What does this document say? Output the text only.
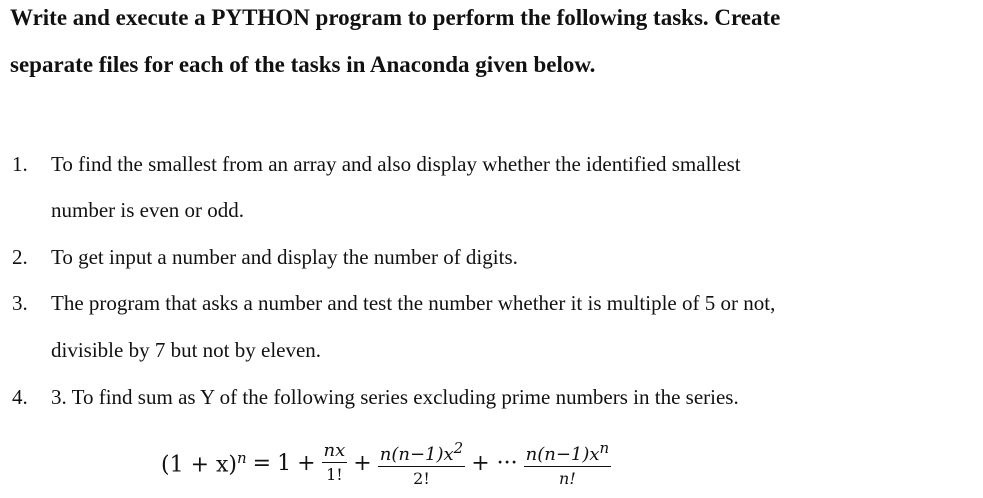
Write and execute a PYTHON program to perform the following tasks. Create
separate files for each of the tasks in Anaconda given below.
1. To find the smallest from an array and also display whether the identified smallest
number is even or odd.
2. To get input a number and display the number of digits.
3. The program that asks a number and test the number whether it is multiple of 5 or not,
divisible by 7 but not by eleven.
4. 3. To find sum as Y of the following series excluding prime numbers in the series.
$(1 + x)^n = 1 + \frac{nx}{1!} + \frac{n(n-1)x^2}{2!}$ + ··· $\frac{n(n-1)x^n}{n!}$
